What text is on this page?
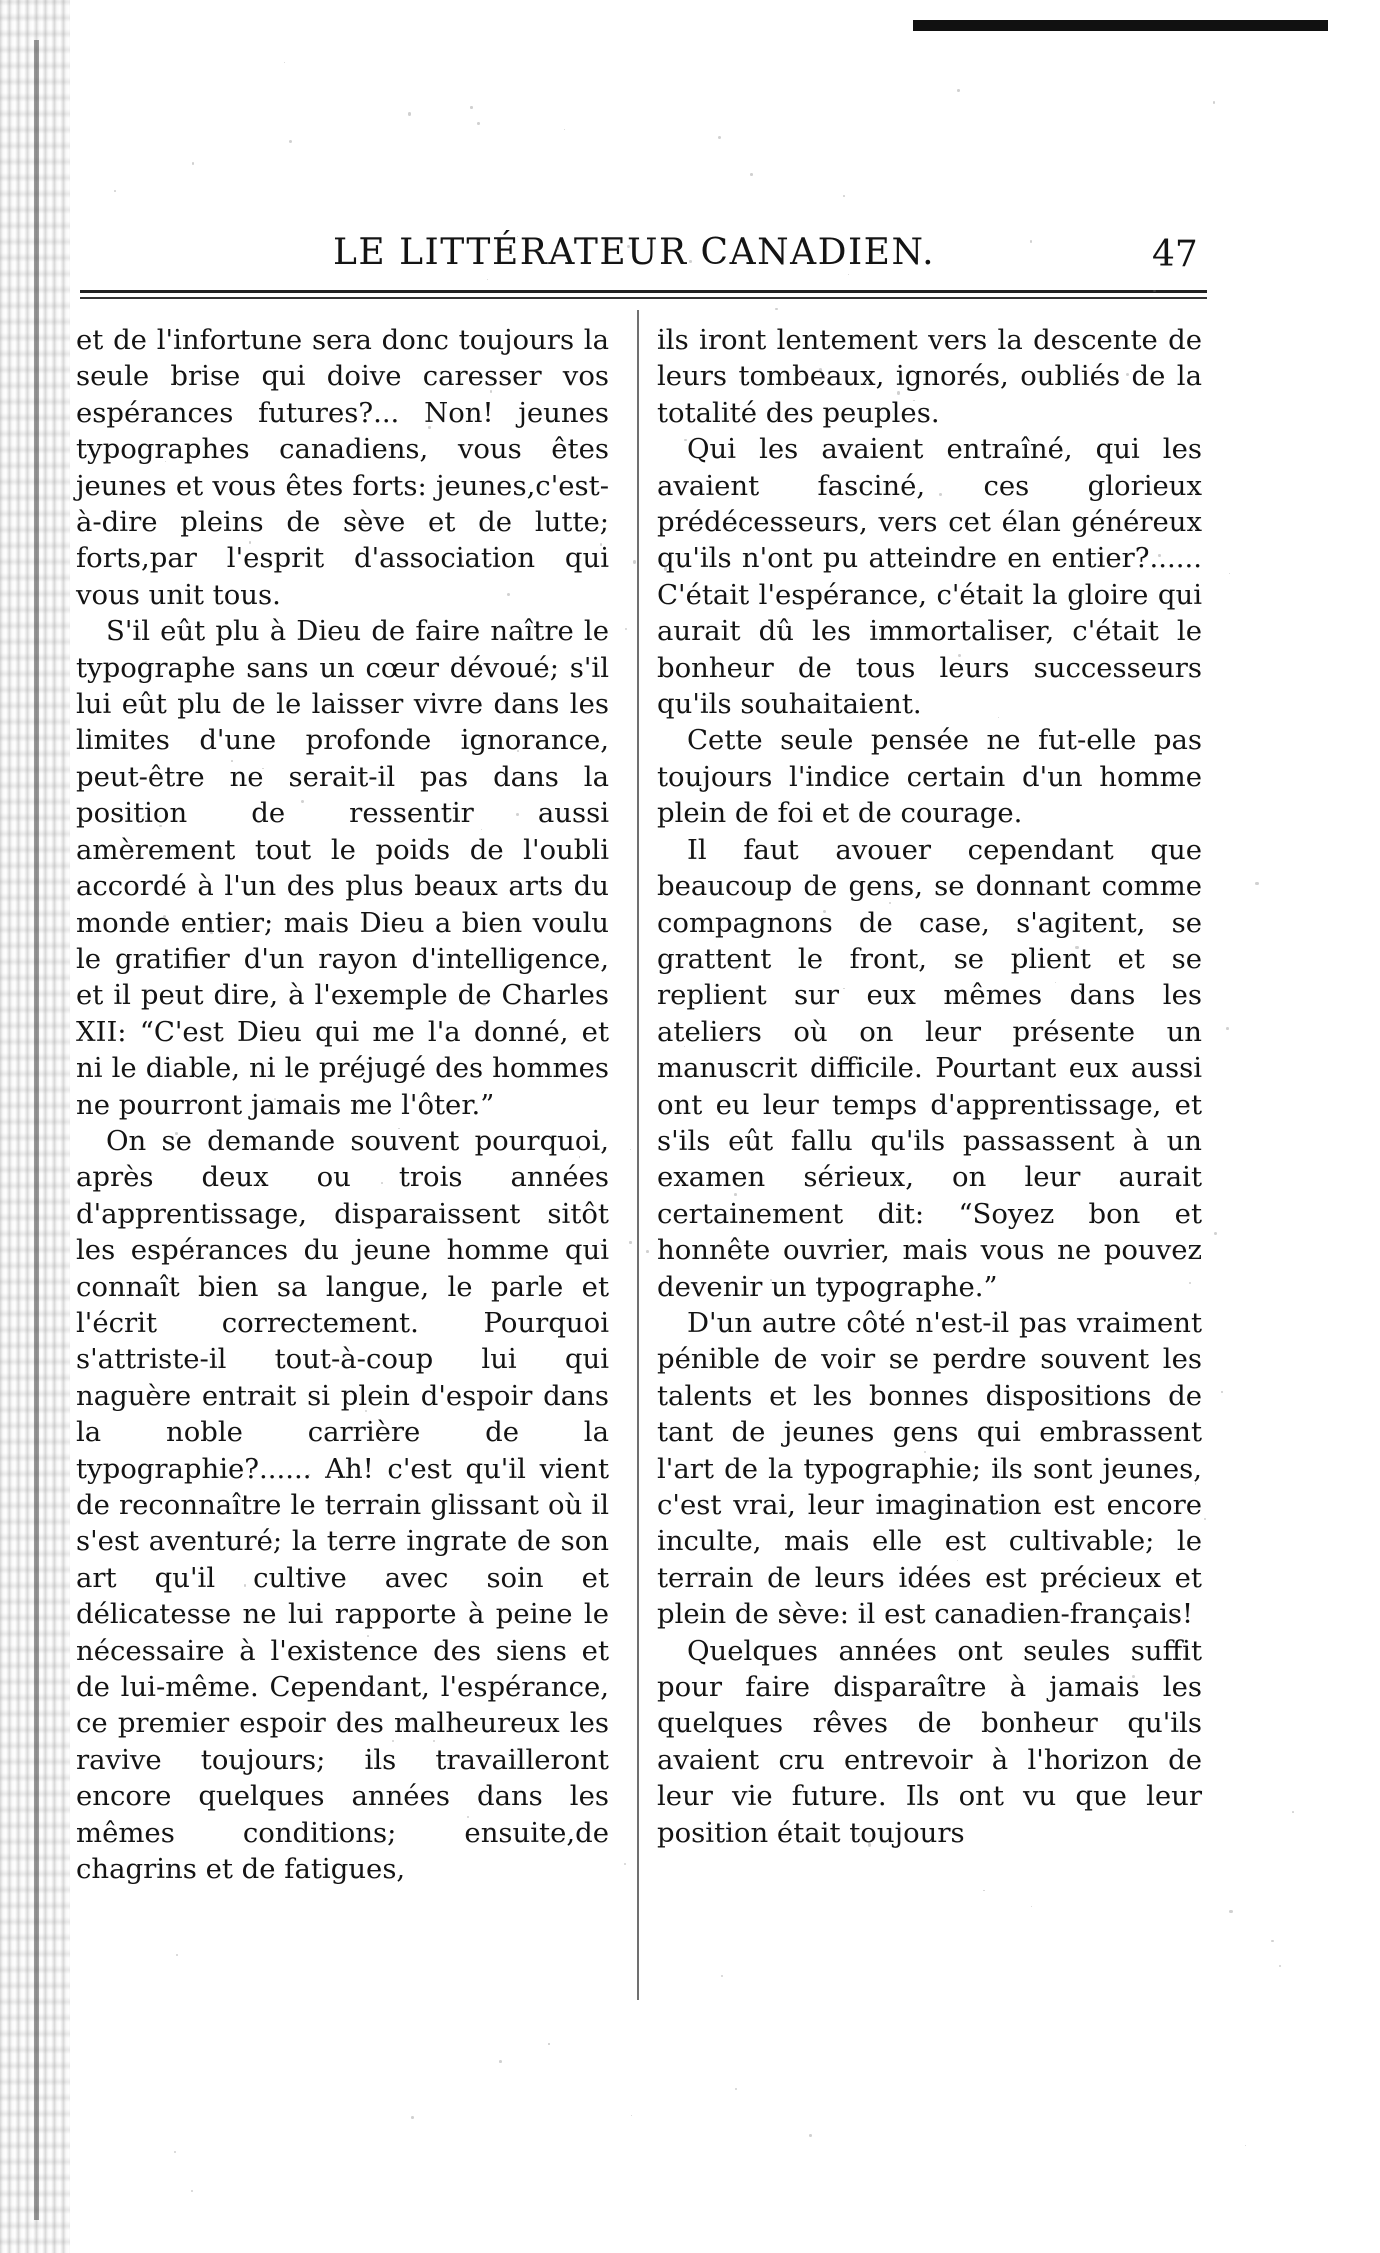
LE LITTÉRATEUR CANADIEN.	47

et de l'infortune sera donc toujours la seule brise qui doive caresser vos espérances futures?... Non! jeunes typographes canadiens, vous êtes jeunes et vous êtes forts: jeunes,c'est-à-dire pleins de sève et de lutte; forts,par l'esprit d'association qui vous unit tous.

S'il eût plu à Dieu de faire naître le typographe sans un cœur dévoué; s'il lui eût plu de le laisser vivre dans les limites d'une profonde ignorance, peut-être ne serait-il pas dans la position de ressentir aussi amèrement tout le poids de l'oubli accordé à l'un des plus beaux arts du monde entier; mais Dieu a bien voulu le gratifier d'un rayon d'intelligence, et il peut dire, à l'exemple de Charles XII: “C'est Dieu qui me l'a donné, et ni le diable, ni le préjugé des hommes ne pourront jamais me l'ôter.”

On se demande souvent pourquoi, après deux ou trois années d'apprentissage, disparaissent sitôt les espérances du jeune homme qui connaît bien sa langue, le parle et l'écrit correctement. Pourquoi s'attriste-il tout-à-coup lui qui naguère entrait si plein d'espoir dans la noble carrière de la typographie?...... Ah! c'est qu'il vient de reconnaître le terrain glissant où il s'est aventuré; la terre ingrate de son art qu'il cultive avec soin et délicatesse ne lui rapporte à peine le nécessaire à l'existence des siens et de lui-même. Cependant, l'espérance, ce premier espoir des malheureux les ravive toujours; ils travailleront encore quelques années dans les mêmes conditions; ensuite,de chagrins et de fatigues,

ils iront lentement vers la descente de leurs tombeaux, ignorés, oubliés de la totalité des peuples.

Qui les avaient entraîné, qui les avaient fasciné, ces glorieux prédécesseurs, vers cet élan généreux qu'ils n'ont pu atteindre en entier?...... C'était l'espérance, c'était la gloire qui aurait dû les immortaliser, c'était le bonheur de tous leurs successeurs qu'ils souhaitaient.

Cette seule pensée ne fut-elle pas toujours l'indice certain d'un homme plein de foi et de courage.

Il faut avouer cependant que beaucoup de gens, se donnant comme compagnons de case, s'agitent, se grattent le front, se plient et se replient sur eux mêmes dans les ateliers où on leur présente un manuscrit difficile. Pourtant eux aussi ont eu leur temps d'apprentissage, et s'ils eût fallu qu'ils passassent à un examen sérieux, on leur aurait certainement dit: “Soyez bon et honnête ouvrier, mais vous ne pouvez devenir un typographe.”

D'un autre côté n'est-il pas vraiment pénible de voir se perdre souvent les talents et les bonnes dispositions de tant de jeunes gens qui embrassent l'art de la typographie; ils sont jeunes, c'est vrai, leur imagination est encore inculte, mais elle est cultivable; le terrain de leurs idées est précieux et plein de sève: il est canadien-français!

Quelques années ont seules suffit pour faire disparaître à jamais les quelques rêves de bonheur qu'ils avaient cru entrevoir à l'horizon de leur vie future. Ils ont vu que leur position était toujours
